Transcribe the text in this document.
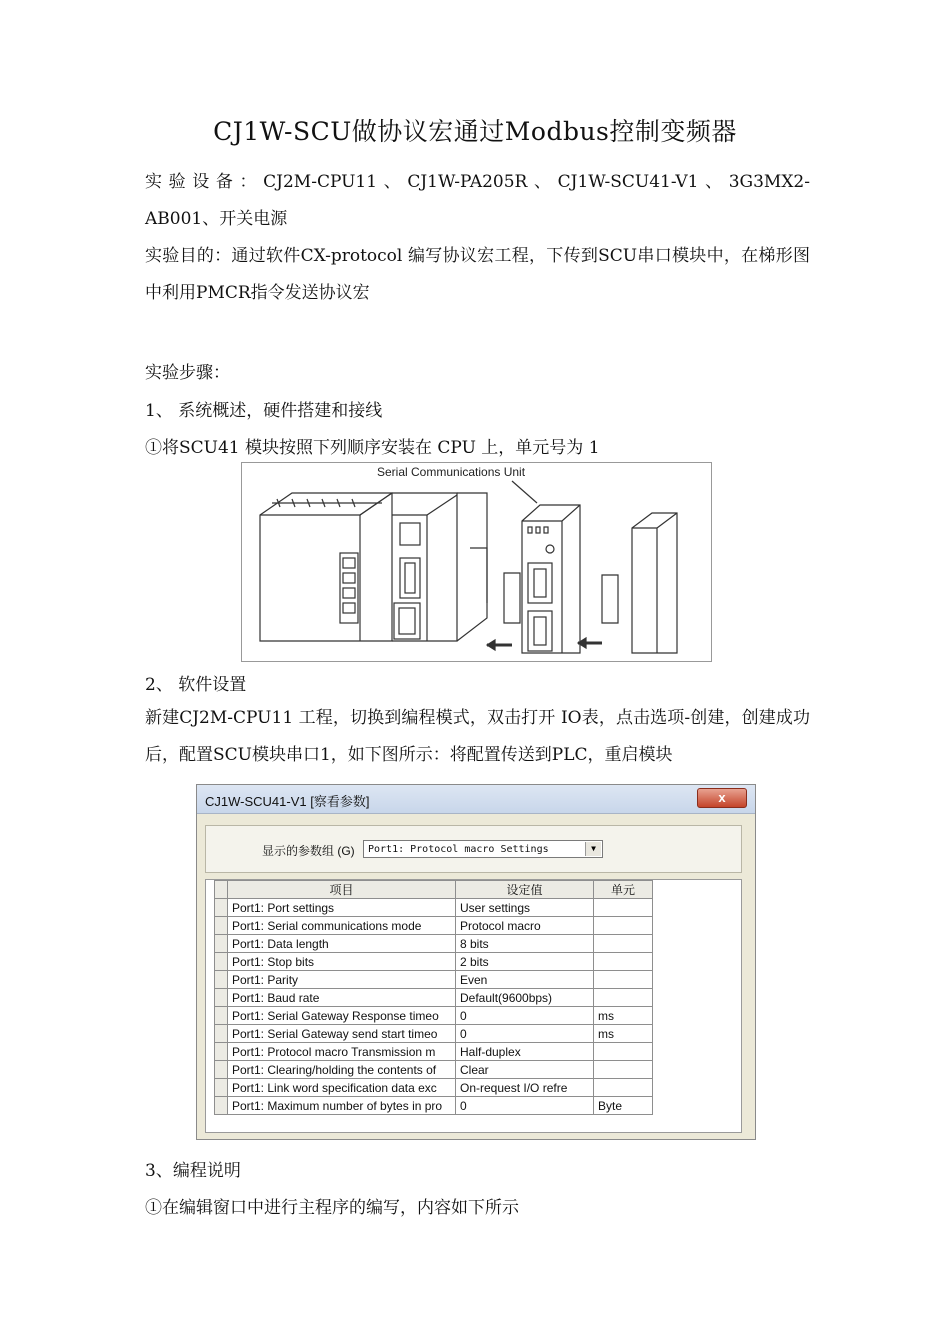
CJ1W-SCU做协议宏通过Modbus控制变频器
实验设备：CJ2M-CPU11、CJ1W-PA205R、CJ1W-SCU41-V1、3G3MX2-AB001、开关电源
实验目的：通过软件CX-protocol 编写协议宏工程，下传到SCU串口模块中，在梯形图中利用PMCR指令发送协议宏
实验步骤：
1、 系统概述，硬件搭建和接线
①将SCU41 模块按照下列顺序安装在 CPU 上，单元号为 1
Serial Communications Unit
2、 软件设置
新建CJ2M-CPU11 工程，切换到编程模式，双击打开 IO表，点击选项-创建，创建成功后，配置SCU模块串口1，如下图所示：将配置传送到PLC，重启模块
CJ1W-SCU41-V1 [察看参数]	x
显示的参数组 (G)	Port1: Protocol macro Settings	▼
	项目	设定值	单元
	Port1: Port settings	User settings	
	Port1: Serial communications mode	Protocol macro	
	Port1: Data length	8 bits	
	Port1: Stop bits	2 bits	
	Port1: Parity	Even	
	Port1: Baud rate	Default(9600bps)	
	Port1: Serial Gateway Response timeo	0	ms
	Port1: Serial Gateway send start timeo	0	ms
	Port1: Protocol macro Transmission m	Half-duplex	
	Port1: Clearing/holding the contents of	Clear	
	Port1: Link word specification data exc	On-request I/O refre	
	Port1: Maximum number of bytes in pro	0	Byte
3、编程说明
①在编辑窗口中进行主程序的编写，内容如下所示
